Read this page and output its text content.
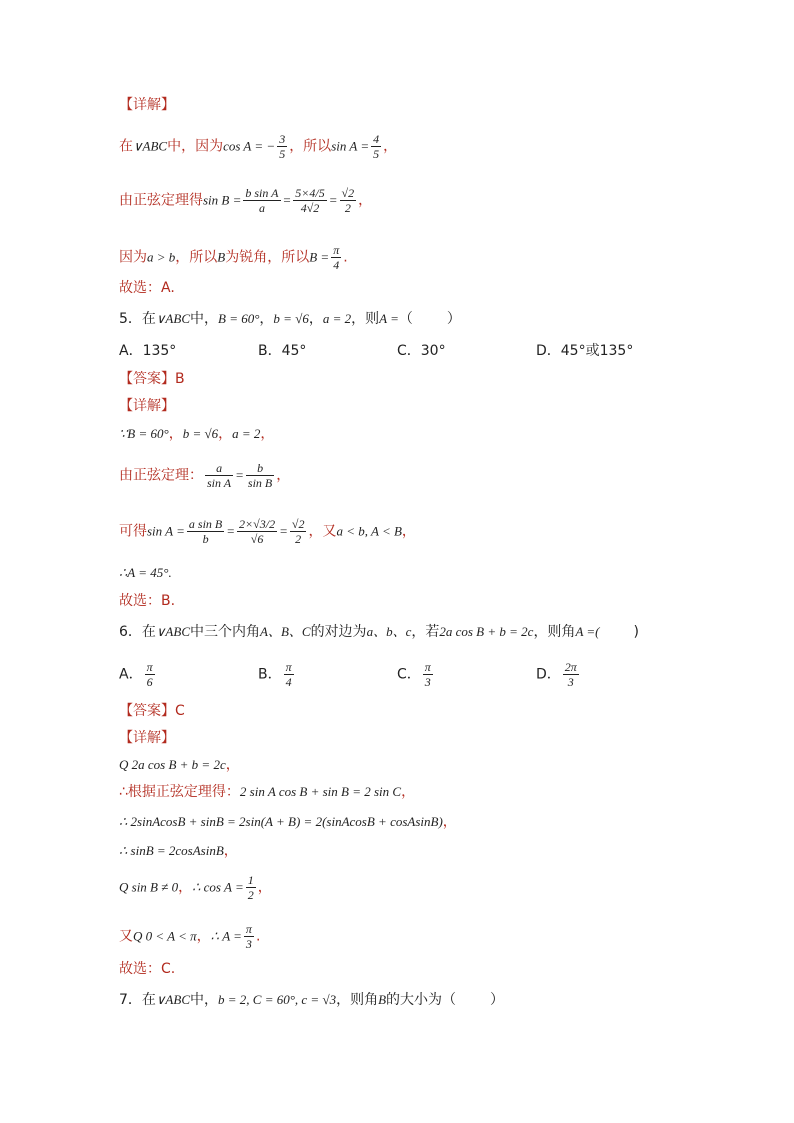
【详解】
在∨ABC中，因为cos A = − $\frac{3}{5}$ ，所以$\sin A = \frac{4}{5}$ ，
由正弦定理得$\sin B = \frac{\text{b sin A}}{a} = \frac{5\times 4/5}{4√2} = \frac{√2}{2}$ ，
因为a > b，所以B为锐角，所以$B = \frac{\pi}{4}$ .
故选：A.
5．在∨ABC中，B = 60°，b = √6，a = 2，则A =（ ）
A．135°	B．45°	C．30°	D．45°或135°
【答案】B
【详解】
∵B = 60°，b = √6，a = 2，
由正弦定理： $\frac{a}{\text{sin A}} = \frac{b}{\text{sin B}}$ ，
可得$\sin A = \frac{\text{a sin B}}{b} = \frac{2\times√3/2}{√6} = \frac{√2}{2}$ ，又a < b, A < B，
∴A = 45°.
故选：B.
6．在∨ABC中三个内角A、B、C的对边为a、b、c，若2a cos B + b = 2c，则角A =( )
A． $\frac{\pi}{6}$	B． $\frac{\pi}{4}$	C． $\frac{\pi}{3}$	D． $\frac{2\pi}{3}$
【答案】C
【详解】
Q 2a cos B + b = 2c，
∴根据正弦定理得：2 sin A cos B + sin B = 2 sin C，
∴ 2sinAcosB + sinB = 2sin(A + B) = 2(sinAcosB + cosAsinB)，
∴ sinB = 2cosAsinB，
Q sin B ≠ 0，∴ $\cos A = \frac{1}{2}$ ，
又Q 0 < A < π，∴ $A = \frac{\pi}{3}$ .
故选：C.
7．在∨ABC中，b = 2, C = 60°, c = √3，则角B的大小为（ ）
